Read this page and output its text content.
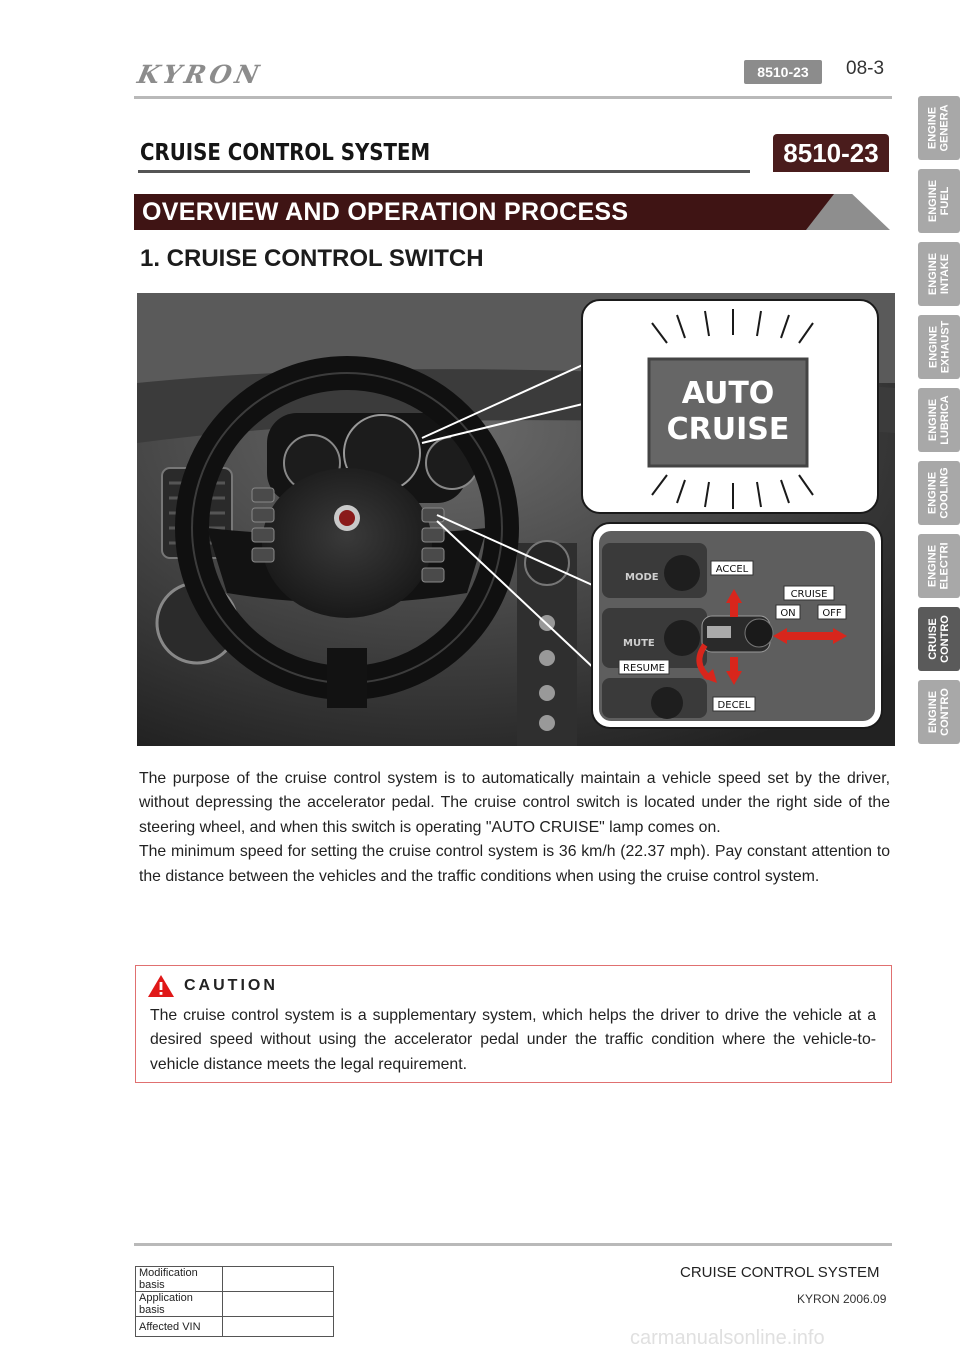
KYRON	8510-23	08-3
CRUISE CONTROL SYSTEM	8510-23
OVERVIEW AND OPERATION PROCESS
1. CRUISE CONTROL SWITCH
AUTO
CRUISE
MODE
MUTE
ACCEL
DECEL
CRUISE
ON	OFF
RESUME

The purpose of the cruise control system is to automatically maintain a vehicle speed set by the driver, without depressing the accelerator pedal. The cruise control switch is located under the right side of the steering wheel, and when this switch is operating "AUTO CRUISE" lamp comes on.

The minimum speed for setting the cruise control system is 36 km/h (22.37 mph). Pay constant attention to the distance between the vehicles and the traffic conditions when using the cruise control system.

CAUTION
The cruise control system is a supplementary system, which helps the driver to drive the vehicle at a desired speed without using the accelerator pedal under the traffic condition where the vehicle-to-vehicle distance meets the legal requirement.
ENGINE
GENERA
ENGINE
FUEL
ENGINE
INTAKE
ENGINE
EXHAUST
ENGINE
LUBRICA
ENGINE
COOLING
ENGINE
ELECTRI
CRUISE
CONTRO
ENGINE
CONTRO
CRUISE CONTROL SYSTEM
KYRON 2006.09
Modification basis	
Application basis	
Affected VIN	
carmanualsonline.info
